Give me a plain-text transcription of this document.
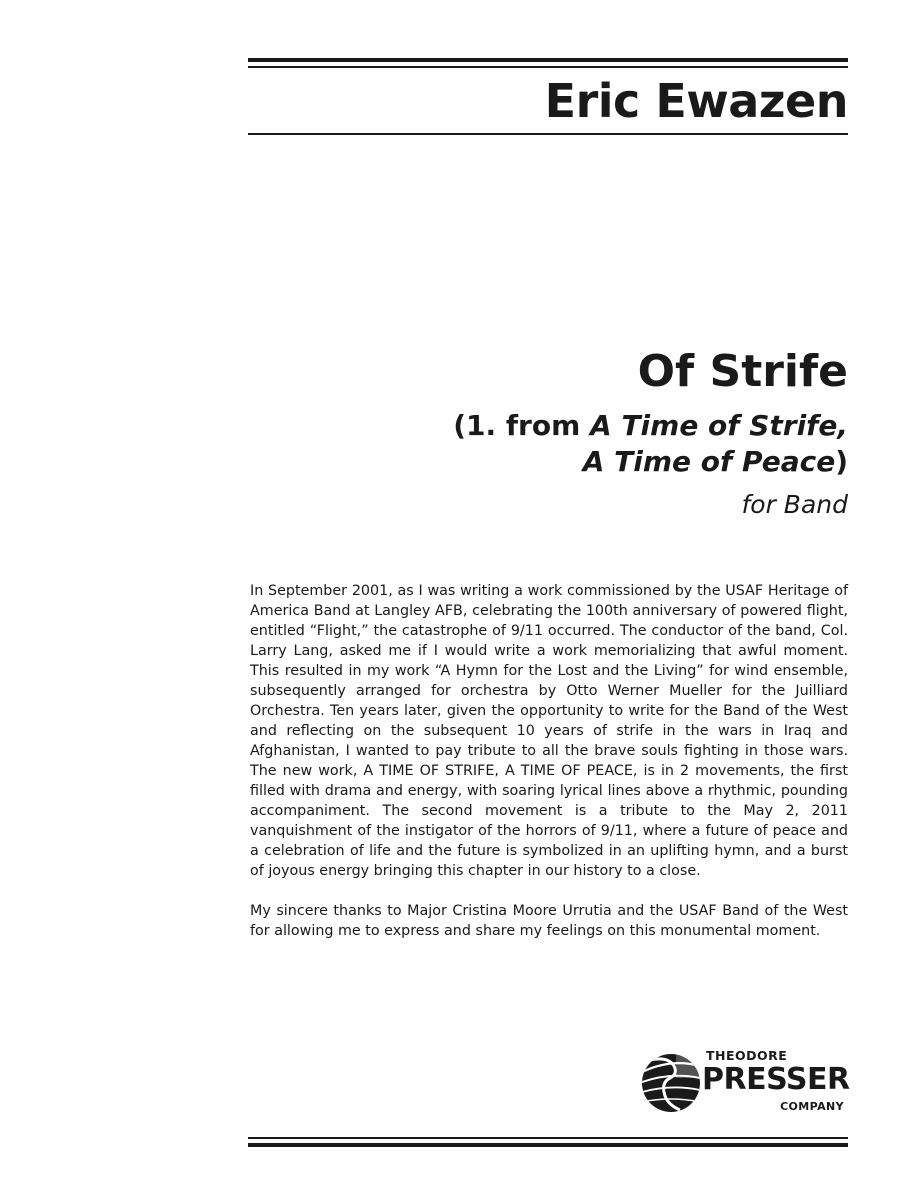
Eric Ewazen
Of Strife
(1. from A Time of Strife,
A Time of Peace)
for Band

In September 2001, as I was writing a work commissioned by the USAF Heritage of America Band at Langley AFB, celebrating the 100th anniversary of powered flight, entitled “Flight,” the catastrophe of 9/11 occurred. The conductor of the band, Col. Larry Lang, asked me if I would write a work memorializing that awful moment. This resulted in my work “A Hymn for the Lost and the Living” for wind ensemble, subsequently arranged for orchestra by Otto Werner Mueller for the Juilliard Orchestra. Ten years later, given the opportunity to write for the Band of the West and reflecting on the subsequent 10 years of strife in the wars in Iraq and Afghanistan, I wanted to pay tribute to all the brave souls fighting in those wars. The new work, A TIME OF STRIFE, A TIME OF PEACE, is in 2 movements, the first filled with drama and energy, with soaring lyrical lines above a rhythmic, pounding accompaniment. The second movement is a tribute to the May 2, 2011 vanquishment of the instigator of the horrors of 9/11, where a future of peace and a celebration of life and the future is symbolized in an uplifting hymn, and a burst of joyous energy bringing this chapter in our history to a close.

My sincere thanks to Major Cristina Moore Urrutia and the USAF Band of the West for allowing me to express and share my feelings on this monumental moment.

THEODORE
PRESSER
COMPANY
